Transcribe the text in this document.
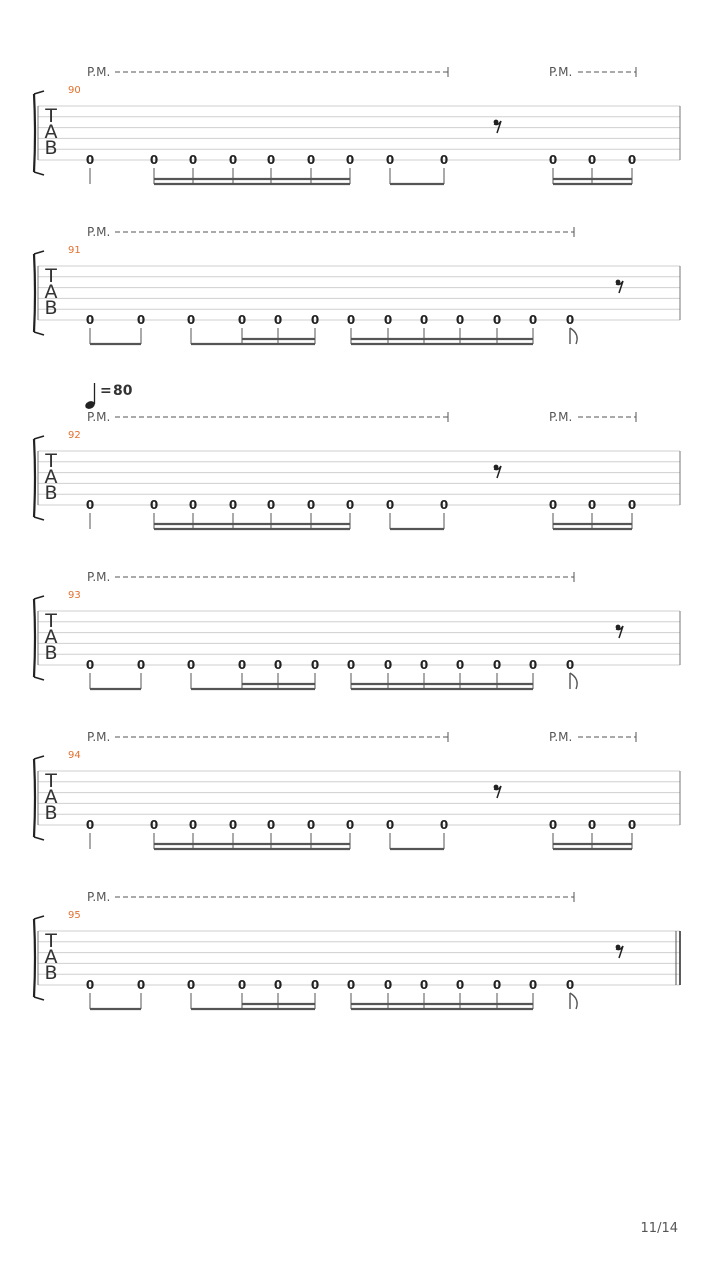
T
A
B
90
P.M.	P.M.
0	0	0	0 0	0	0	0	0	0	0	0
T
A
B
91
P.M.
0	0	0	0 0 0 0 0 0 0 0 0 0
T
A
B
92
P.M.	P.M.
= 80
0	0	0	0 0	0	0	0	0	0	0	0
T
A
B
93
P.M.
0	0	0	0 0 0 0 0 0 0 0 0 0
T
A
B
94
P.M.	P.M.
0	0	0	0 0	0	0	0	0	0	0	0
T
A
B
95
P.M.
0	0	0	0 0 0 0 0 0 0 0 0 0
11/14
